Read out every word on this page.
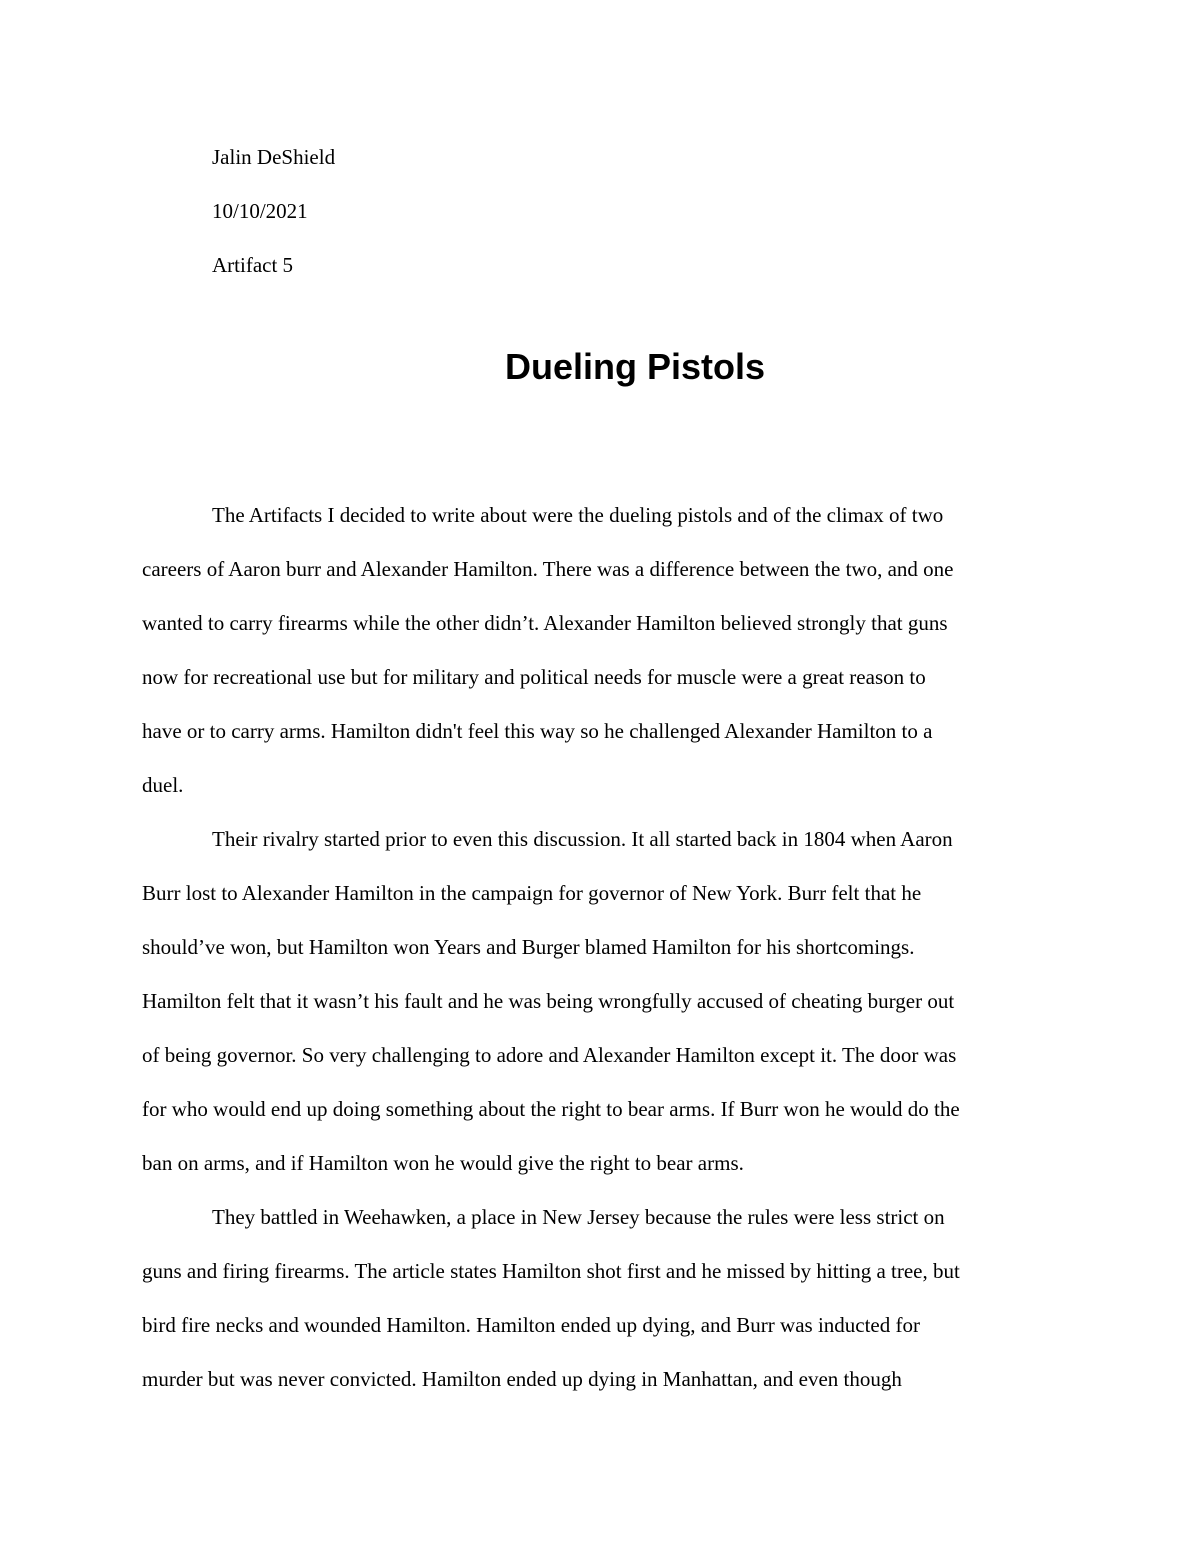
Jalin DeShield
10/10/2021
Artifact 5
Dueling Pistols
The Artifacts I decided to write about were the dueling pistols and of the climax of two
careers of Aaron burr and Alexander Hamilton. There was a difference between the two, and one
wanted to carry firearms while the other didn’t. Alexander Hamilton believed strongly that guns
now for recreational use but for military and political needs for muscle were a great reason to
have or to carry arms. Hamilton didn't feel this way so he challenged Alexander Hamilton to a
duel.
Their rivalry started prior to even this discussion. It all started back in 1804 when Aaron
Burr lost to Alexander Hamilton in the campaign for governor of New York. Burr felt that he
should’ve won, but Hamilton won Years and Burger blamed Hamilton for his shortcomings.
Hamilton felt that it wasn’t his fault and he was being wrongfully accused of cheating burger out
of being governor. So very challenging to adore and Alexander Hamilton except it. The door was
for who would end up doing something about the right to bear arms. If Burr won he would do the
ban on arms, and if Hamilton won he would give the right to bear arms.
They battled in Weehawken, a place in New Jersey because the rules were less strict on
guns and firing firearms. The article states Hamilton shot first and he missed by hitting a tree, but
bird fire necks and wounded Hamilton. Hamilton ended up dying, and Burr was inducted for
murder but was never convicted. Hamilton ended up dying in Manhattan, and even though
